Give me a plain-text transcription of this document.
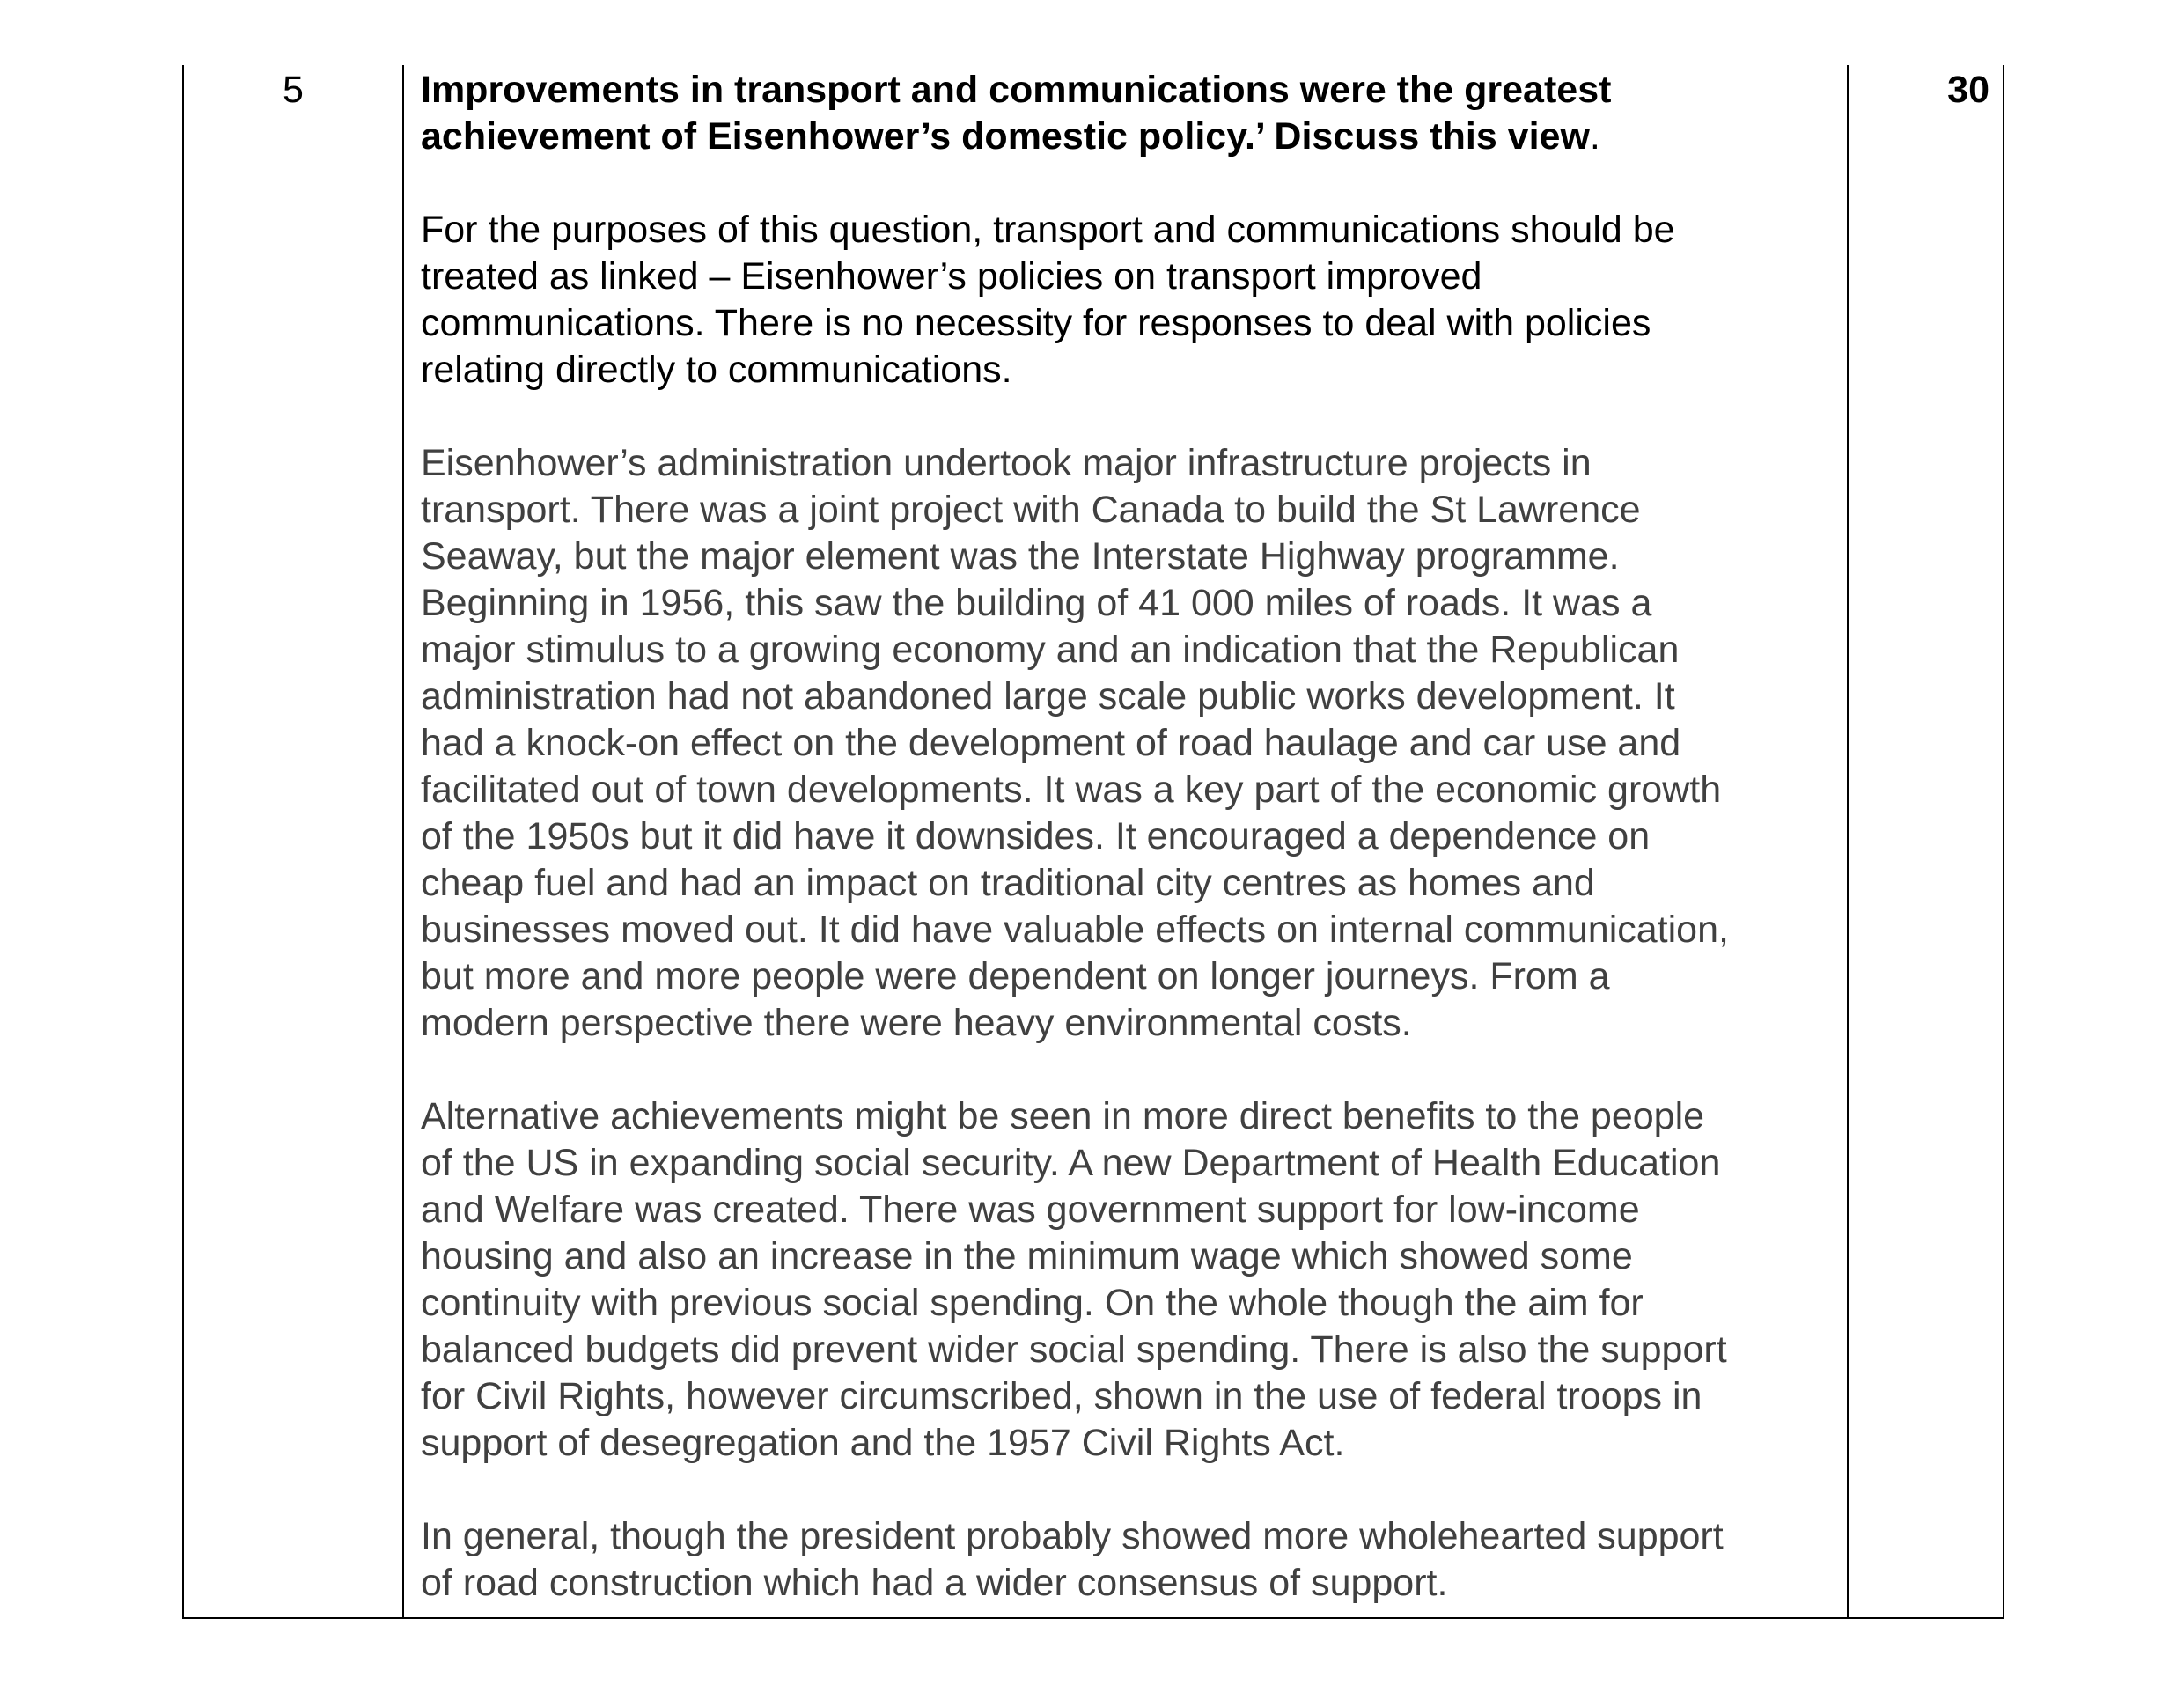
5	30

Improvements in transport and communications were the greatest
achievement of Eisenhower’s domestic policy.’ Discuss this view.

For the purposes of this question, transport and communications should be
treated as linked – Eisenhower’s policies on transport improved
communications. There is no necessity for responses to deal with policies
relating directly to communications.

Eisenhower’s administration undertook major infrastructure projects in
transport. There was a joint project with Canada to build the St Lawrence
Seaway, but the major element was the Interstate Highway programme.
Beginning in 1956, this saw the building of 41 000 miles of roads. It was a
major stimulus to a growing economy and an indication that the Republican
administration had not abandoned large scale public works development. It
had a knock-on effect on the development of road haulage and car use and
facilitated out of town developments. It was a key part of the economic growth
of the 1950s but it did have it downsides. It encouraged a dependence on
cheap fuel and had an impact on traditional city centres as homes and
businesses moved out. It did have valuable effects on internal communication,
but more and more people were dependent on longer journeys. From a
modern perspective there were heavy environmental costs.

Alternative achievements might be seen in more direct benefits to the people
of the US in expanding social security. A new Department of Health Education
and Welfare was created. There was government support for low-income
housing and also an increase in the minimum wage which showed some
continuity with previous social spending. On the whole though the aim for
balanced budgets did prevent wider social spending. There is also the support
for Civil Rights, however circumscribed, shown in the use of federal troops in
support of desegregation and the 1957 Civil Rights Act.

In general, though the president probably showed more wholehearted support
of road construction which had a wider consensus of support.
